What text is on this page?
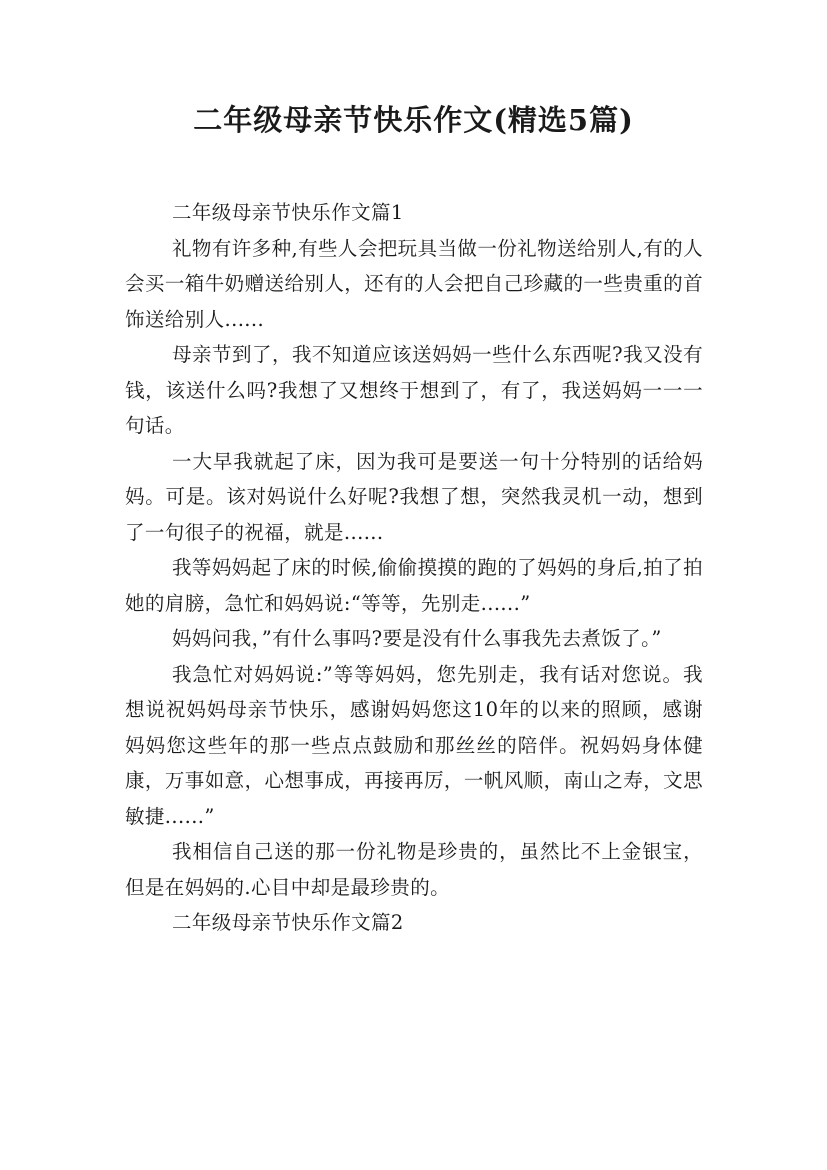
二年级母亲节快乐作文(精选5篇)

二年级母亲节快乐作文篇1

礼物有许多种,有些人会把玩具当做一份礼物送给别人,有的人会买一箱牛奶赠送给别人，还有的人会把自己珍藏的一些贵重的首饰送给别人......

母亲节到了，我不知道应该送妈妈一些什么东西呢?我又没有钱，该送什么吗?我想了又想终于想到了，有了，我送妈妈一一一句话。

一大早我就起了床，因为我可是要送一句十分特别的话给妈妈。可是。该对妈说什么好呢?我想了想，突然我灵机一动，想到了一句很子的祝福，就是......

我等妈妈起了床的时候,偷偷摸摸的跑的了妈妈的身后,拍了拍她的肩膀，急忙和妈妈说:“等等，先别走......”

妈妈问我，”有什么事吗?要是没有什么事我先去煮饭了。”

我急忙对妈妈说:”等等妈妈，您先别走，我有话对您说。我想说祝妈妈母亲节快乐，感谢妈妈您这10年的以来的照顾，感谢妈妈您这些年的那一些点点鼓励和那丝丝的陪伴。祝妈妈身体健康，万事如意，心想事成，再接再厉，一帆风顺，南山之寿，文思敏捷......”

我相信自己送的那一份礼物是珍贵的，虽然比不上金银宝，但是在妈妈的.心目中却是最珍贵的。

二年级母亲节快乐作文篇2
